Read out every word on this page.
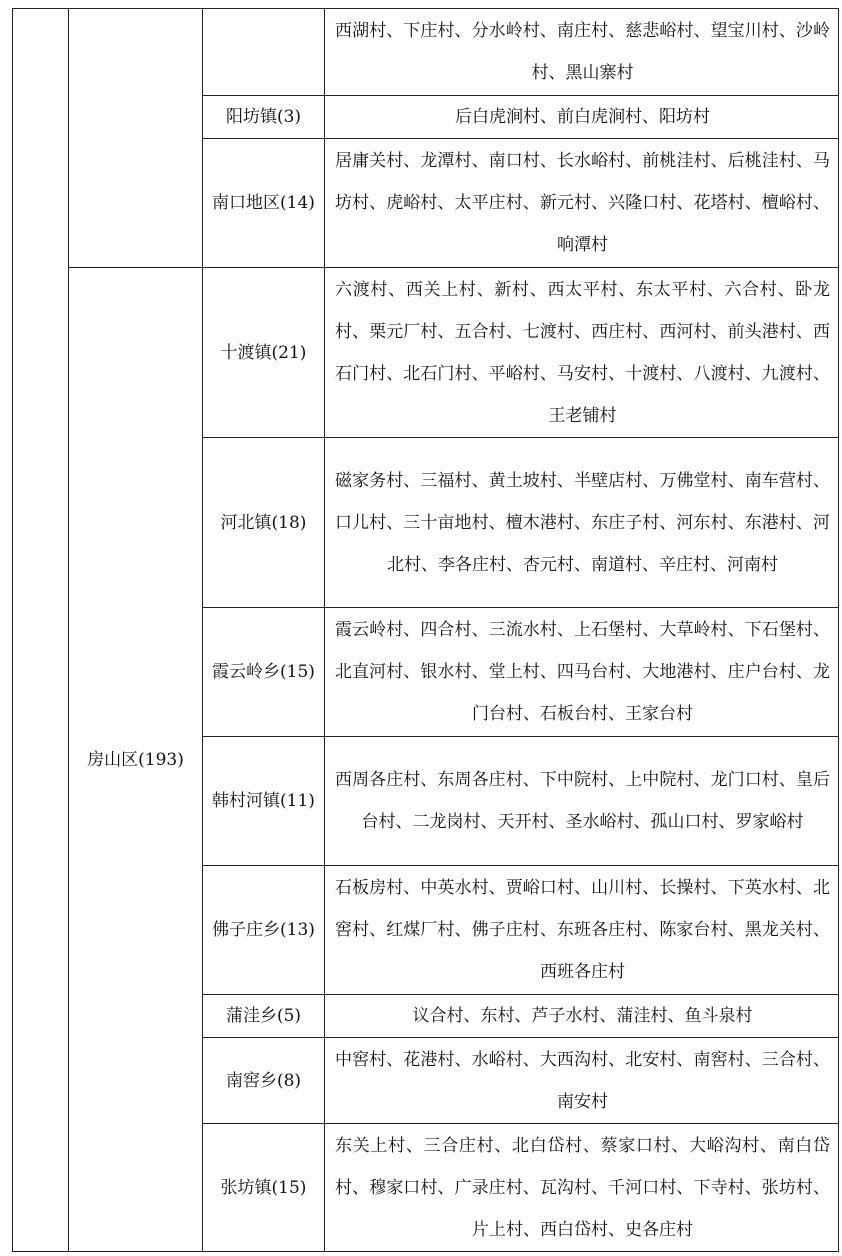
			西湖村、下庄村、分水岭村、南庄村、慈悲峪村、望宝川村、沙岭村、黑山寨村
		阳坊镇(3)	后白虎涧村、前白虎涧村、阳坊村
		南口地区(14)	居庸关村、龙潭村、南口村、长水峪村、前桃洼村、后桃洼村、马坊村、虎峪村、太平庄村、新元村、兴隆口村、花塔村、檀峪村、响潭村
	房山区(193)	十渡镇(21)	六渡村、西关上村、新村、西太平村、东太平村、六合村、卧龙村、栗元厂村、五合村、七渡村、西庄村、西河村、前头港村、西石门村、北石门村、平峪村、马安村、十渡村、八渡村、九渡村、王老铺村
		河北镇(18)	磁家务村、三福村、黄土坡村、半壁店村、万佛堂村、南车营村、口儿村、三十亩地村、檀木港村、东庄子村、河东村、东港村、河北村、李各庄村、杏元村、南道村、辛庄村、河南村
		霞云岭乡(15)	霞云岭村、四合村、三流水村、上石堡村、大草岭村、下石堡村、北直河村、银水村、堂上村、四马台村、大地港村、庄户台村、龙门台村、石板台村、王家台村
		韩村河镇(11)	西周各庄村、东周各庄村、下中院村、上中院村、龙门口村、皇后台村、二龙岗村、天开村、圣水峪村、孤山口村、罗家峪村
		佛子庄乡(13)	石板房村、中英水村、贾峪口村、山川村、长操村、下英水村、北窖村、红煤厂村、佛子庄村、东班各庄村、陈家台村、黑龙关村、西班各庄村
		蒲洼乡(5)	议合村、东村、芦子水村、蒲洼村、鱼斗泉村
		南窖乡(8)	中窖村、花港村、水峪村、大西沟村、北安村、南窖村、三合村、南安村
		张坊镇(15)	东关上村、三合庄村、北白岱村、蔡家口村、大峪沟村、南白岱村、穆家口村、广录庄村、瓦沟村、千河口村、下寺村、张坊村、片上村、西白岱村、史各庄村
